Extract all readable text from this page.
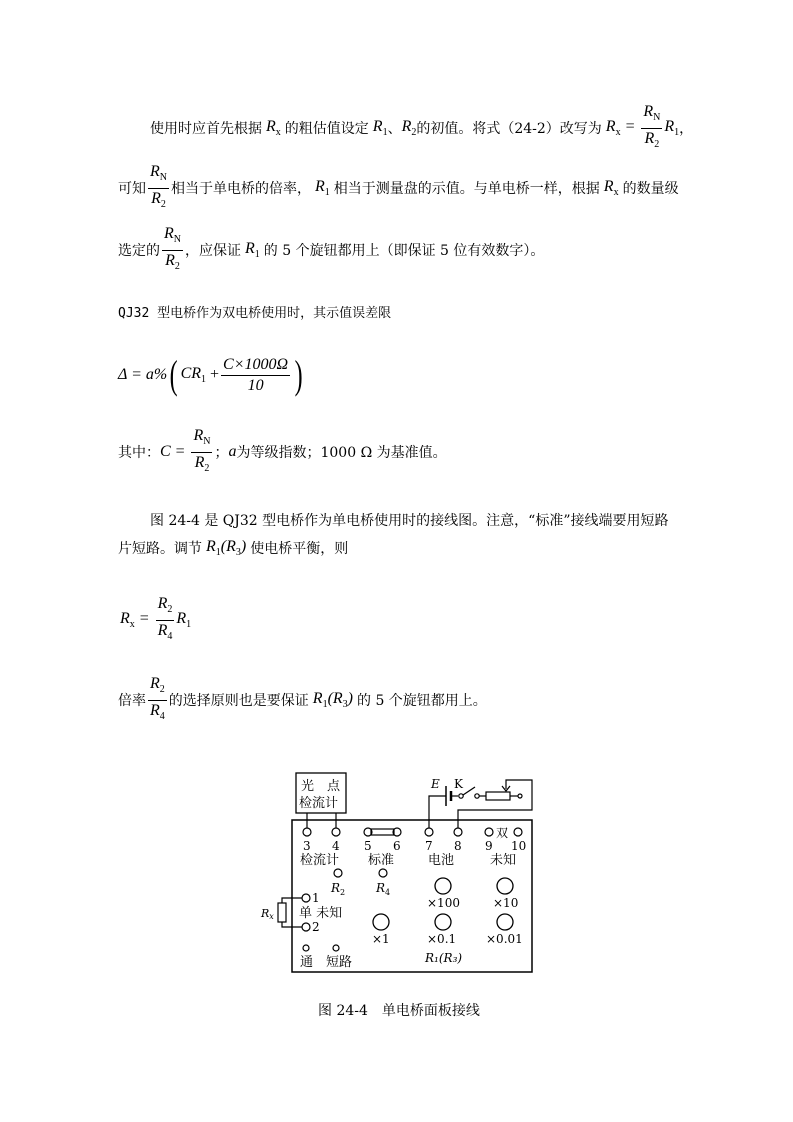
使用时应首先根据 $R_x$ 的粗估值设定 $R_1$ 、 $R_2$ 的初值。将式（24-2）改写为 $R_x = \frac{R_N}{R_2} R_1$ ，
可知 $\frac{R_N}{R_2}$ 相当于单电桥的倍率， $R_1$ 相当于测量盘的示值。与单电桥一样，根据 $R_x$ 的数量级
选定的 $\frac{R_N}{R_2}$ ，应保证 $R_1$ 的 5 个旋钮都用上（即保证 5 位有效数字）。
QJ32 型电桥作为双电桥使用时，其示值误差限
Δ = a% ( $CR_1 + \frac{C\times 1000\Omega}{10}$ )
其中： $C = \frac{R_N}{R_2}$ ； a 为等级指数；1000 Ω 为基准值。
图 24-4 是 QJ32 型电桥作为单电桥使用时的接线图。注意，“标准”接线端要用短路
片短路。调节 $R_1(R_3)$ 使电桥平衡，则
$R_x = \frac{R_2}{R_4} R_1$
倍率 $\frac{R_2}{R_4}$ 的选择原则也是要保证 $R_1(R_3)$ 的 5 个旋钮都用上。
光　点
检流计
E K
双
3 4 5 6 7 8 9 10
检流计 标准	电池	未知
$R_2$	$R_4$
×100	×10
×1	×0.1 ×0.01
1
单 未知
2
Rx
通 短路	R₁(R₃)
图 24-4　单电桥面板接线
